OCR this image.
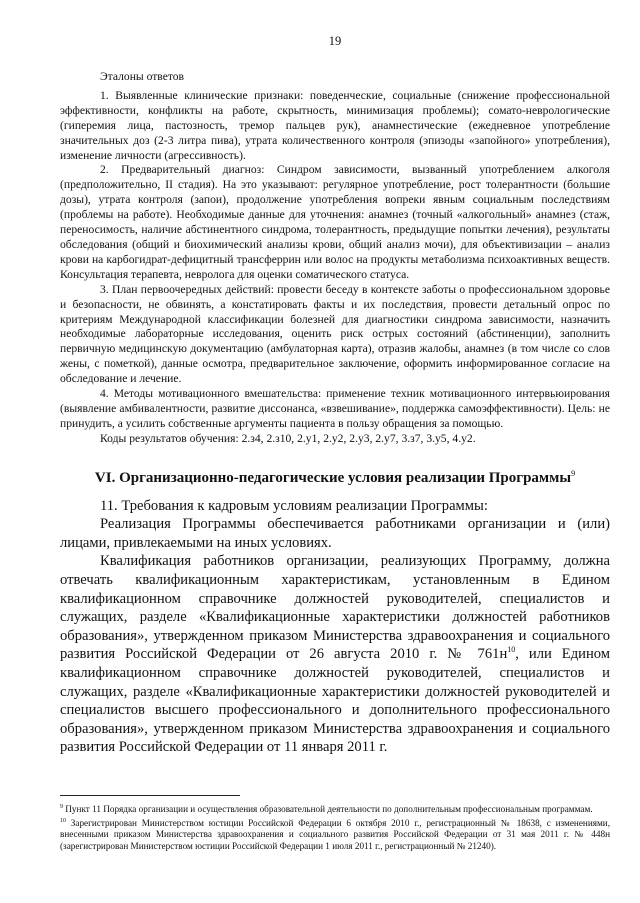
19

Эталоны ответов

1. Выявленные клинические признаки: поведенческие, социальные (снижение профессиональной эффективности, конфликты на работе, скрытность, минимизация проблемы); сомато-неврологические (гиперемия лица, пастозность, тремор пальцев рук), анамнестические (ежедневное употребление значительных доз (2-3 литра пива), утрата количественного контроля (эпизоды «запойного» употребления), изменение личности (агрессивность).

2. Предварительный диагноз: Синдром зависимости, вызванный употреблением алкоголя (предположительно, II стадия). На это указывают: регулярное употребление, рост толерантности (большие дозы), утрата контроля (запои), продолжение употребления вопреки явным социальным последствиям (проблемы на работе). Необходимые данные для уточнения: анамнез (точный «алкогольный» анамнез (стаж, переносимость, наличие абстинентного синдрома, толерантность, предыдущие попытки лечения), результаты обследования (общий и биохимический анализы крови, общий анализ мочи), для объективизации – анализ крови на карбогидрат-дефицитный трансферрин или волос на продукты метаболизма психоактивных веществ. Консультация терапевта, невролога для оценки соматического статуса.

3. План первоочередных действий: провести беседу в контексте заботы о профессиональном здоровье и безопасности, не обвинять, а констатировать факты и их последствия, провести детальный опрос по критериям Международной классификации болезней для диагностики синдрома зависимости, назначить необходимые лабораторные исследования, оценить риск острых состояний (абстиненции), заполнить первичную медицинскую документацию (амбулаторная карта), отразив жалобы, анамнез (в том числе со слов жены, с пометкой), данные осмотра, предварительное заключение, оформить информированное согласие на обследование и лечение.

4. Методы мотивационного вмешательства: применение техник мотивационного интервьюирования (выявление амбивалентности, развитие диссонанса, «взвешивание», поддержка самоэффективности). Цель: не принудить, а усилить собственные аргументы пациента в пользу обращения за помощью.

Коды результатов обучения: 2.з4, 2.з10, 2.у1, 2.у2, 2.у3, 2.у7, 3.з7, 3.у5, 4.у2.

VI. Организационно-педагогические условия реализации Программы$^9$

11. Требования к кадровым условиям реализации Программы:

Реализация Программы обеспечивается работниками организации и (или) лицами, привлекаемыми на иных условиях.

Квалификация работников организации, реализующих Программу, должна отвечать квалификационным характеристикам, установленным в Едином квалификационном справочнике должностей руководителей, специалистов и служащих, разделе «Квалификационные характеристики должностей работников образования», утвержденном приказом Министерства здравоохранения и социального развития Российской Федерации от 26 августа 2010 г. № 761н$^{10}$, или Едином квалификационном справочнике должностей руководителей, специалистов и служащих, разделе «Квалификационные характеристики должностей руководителей и специалистов высшего профессионального и дополнительного профессионального образования», утвержденном приказом Министерства здравоохранения и социального развития Российской Федерации от 11 января 2011 г.

$^9$ Пункт 11 Порядка организации и осуществления образовательной деятельности по дополнительным профессиональным программам.

$^{10}$ Зарегистрирован Министерством юстиции Российской Федерации 6 октября 2010 г., регистрационный № 18638, с изменениями, внесенными приказом Министерства здравоохранения и социального развития Российской Федерации от 31 мая 2011 г. № 448н (зарегистрирован Министерством юстиции Российской Федерации 1 июля 2011 г., регистрационный № 21240).
